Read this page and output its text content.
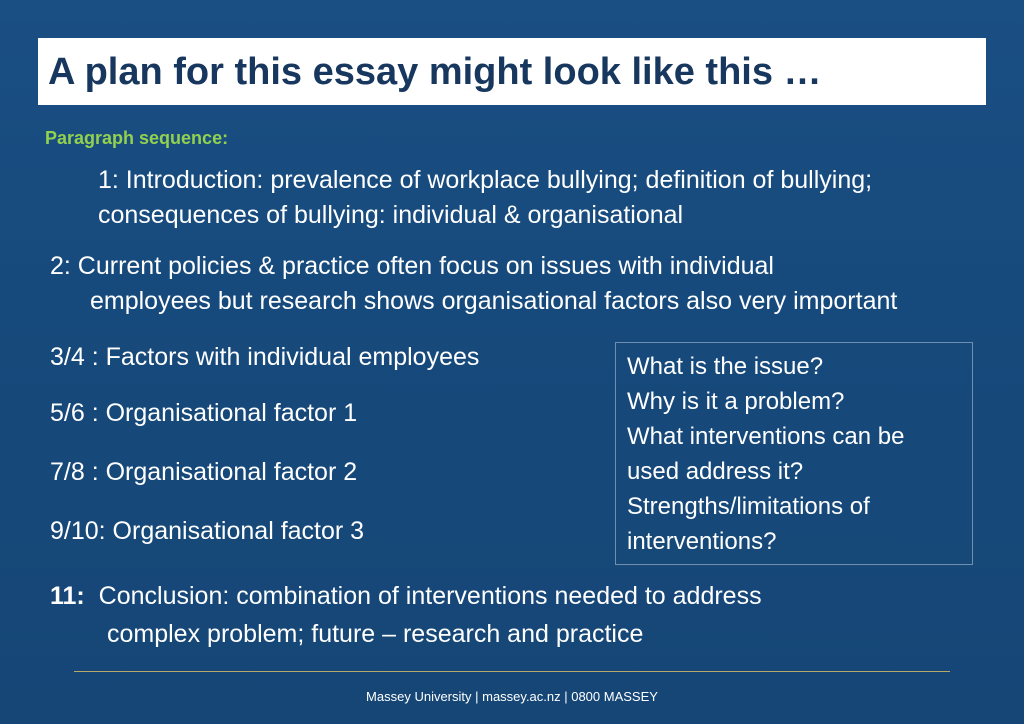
A plan for this essay might look like this …
Paragraph sequence:
1: Introduction: prevalence of workplace bullying; definition of bullying;
consequences of bullying: individual & organisational
2: Current policies & practice often focus on issues with individual
employees but research shows organisational factors also very important
3/4 : Factors with individual employees
5/6 : Organisational factor 1
7/8 : Organisational factor 2
9/10: Organisational factor 3
What is the issue?
Why is it a problem?
What interventions can be
used address it?
Strengths/limitations of
interventions?
11: Conclusion: combination of interventions needed to address
complex problem; future – research and practice
Massey University | massey.ac.nz | 0800 MASSEY
